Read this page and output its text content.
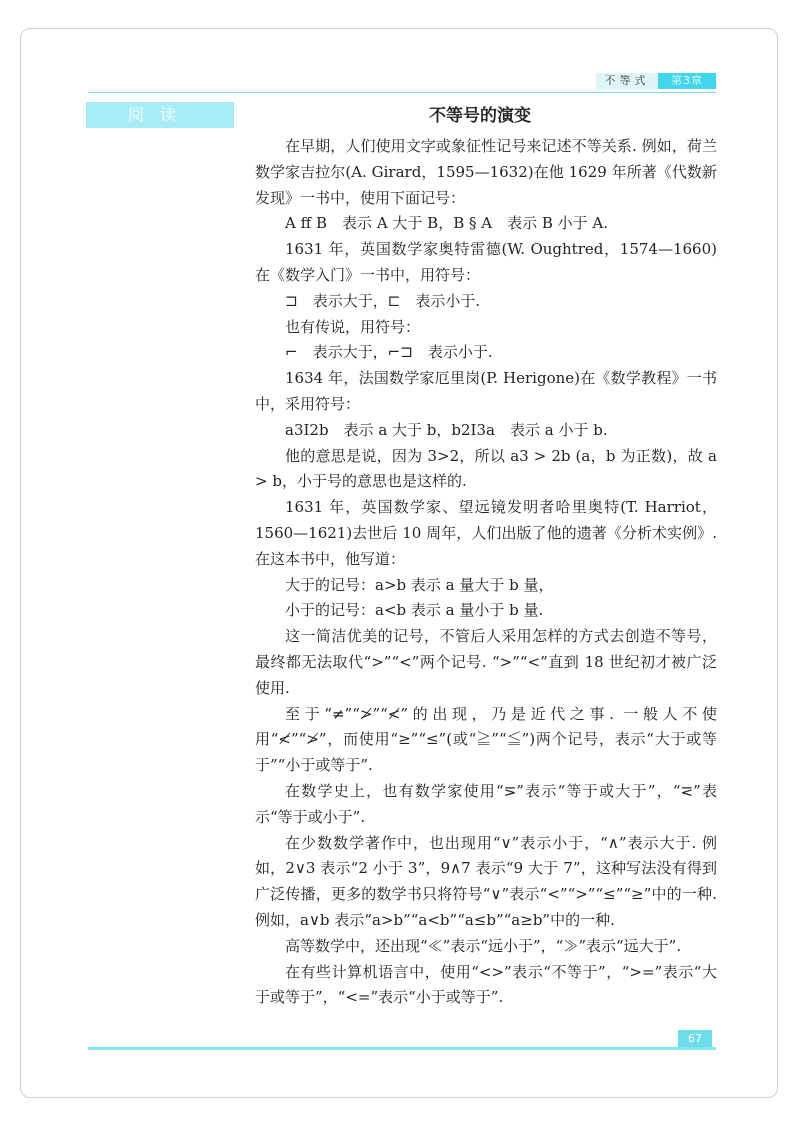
不等式	第3章
阅读	不等号的演变

在早期，人们使用文字或象征性记号来记述不等关系. 例如，荷兰数学家吉拉尔(A. Girard，1595—1632)在他 1629 年所著《代数新发现》一书中，使用下面记号：

A ff B　表示 A 大于 B，B § A　表示 B 小于 A.

1631 年，英国数学家奥特雷德(W. Oughtred，1574—1660)在《数学入门》一书中，用符号：

⊐　表示大于，⊏　表示小于.

也有传说，用符号：

⌐　表示大于，⌐⊐　表示小于.

1634 年，法国数学家厄里岗(P. Herigone)在《数学教程》一书中，采用符号：

a3I2b　表示 a 大于 b，b2I3a　表示 a 小于 b.

他的意思是说，因为 3>2，所以 a3 > 2b (a，b 为正数)，故 a > b，小于号的意思也是这样的.

1631 年，英国数学家、望远镜发明者哈里奥特(T. Harriot，1560—1621)去世后 10 周年，人们出版了他的遗著《分析术实例》. 在这本书中，他写道：

大于的记号：a>b 表示 a 量大于 b 量，

小于的记号：a<b 表示 a 量小于 b 量.

这一简洁优美的记号，不管后人采用怎样的方式去创造不等号，最终都无法取代“>”“<”两个记号. “>”“<”直到 18 世纪初才被广泛使用.

至于“≠”“≯”“≮”的出现，乃是近代之事. 一般人不使用“≮”“≯”，而使用“≥”“≤”(或“≧”“≦”)两个记号，表示“大于或等于”“小于或等于”.

在数学史上，也有数学家使用“⋝”表示“等于或大于”，“⋜”表示“等于或小于”.

在少数数学著作中，也出现用“∨”表示小于，“∧”表示大于. 例如，2∨3 表示“2 小于 3”，9∧7 表示“9 大于 7”，这种写法没有得到广泛传播，更多的数学书只将符号“∨”表示“<”“>”“≤”“≥”中的一种. 例如，a∨b 表示“a>b”“a<b”“a≤b”“a≥b”中的一种.

高等数学中，还出现“≪”表示“远小于”，“≫”表示“远大于”.

在有些计算机语言中，使用“<>”表示“不等于”，“>=”表示“大于或等于”，“<=”表示“小于或等于”.

67
